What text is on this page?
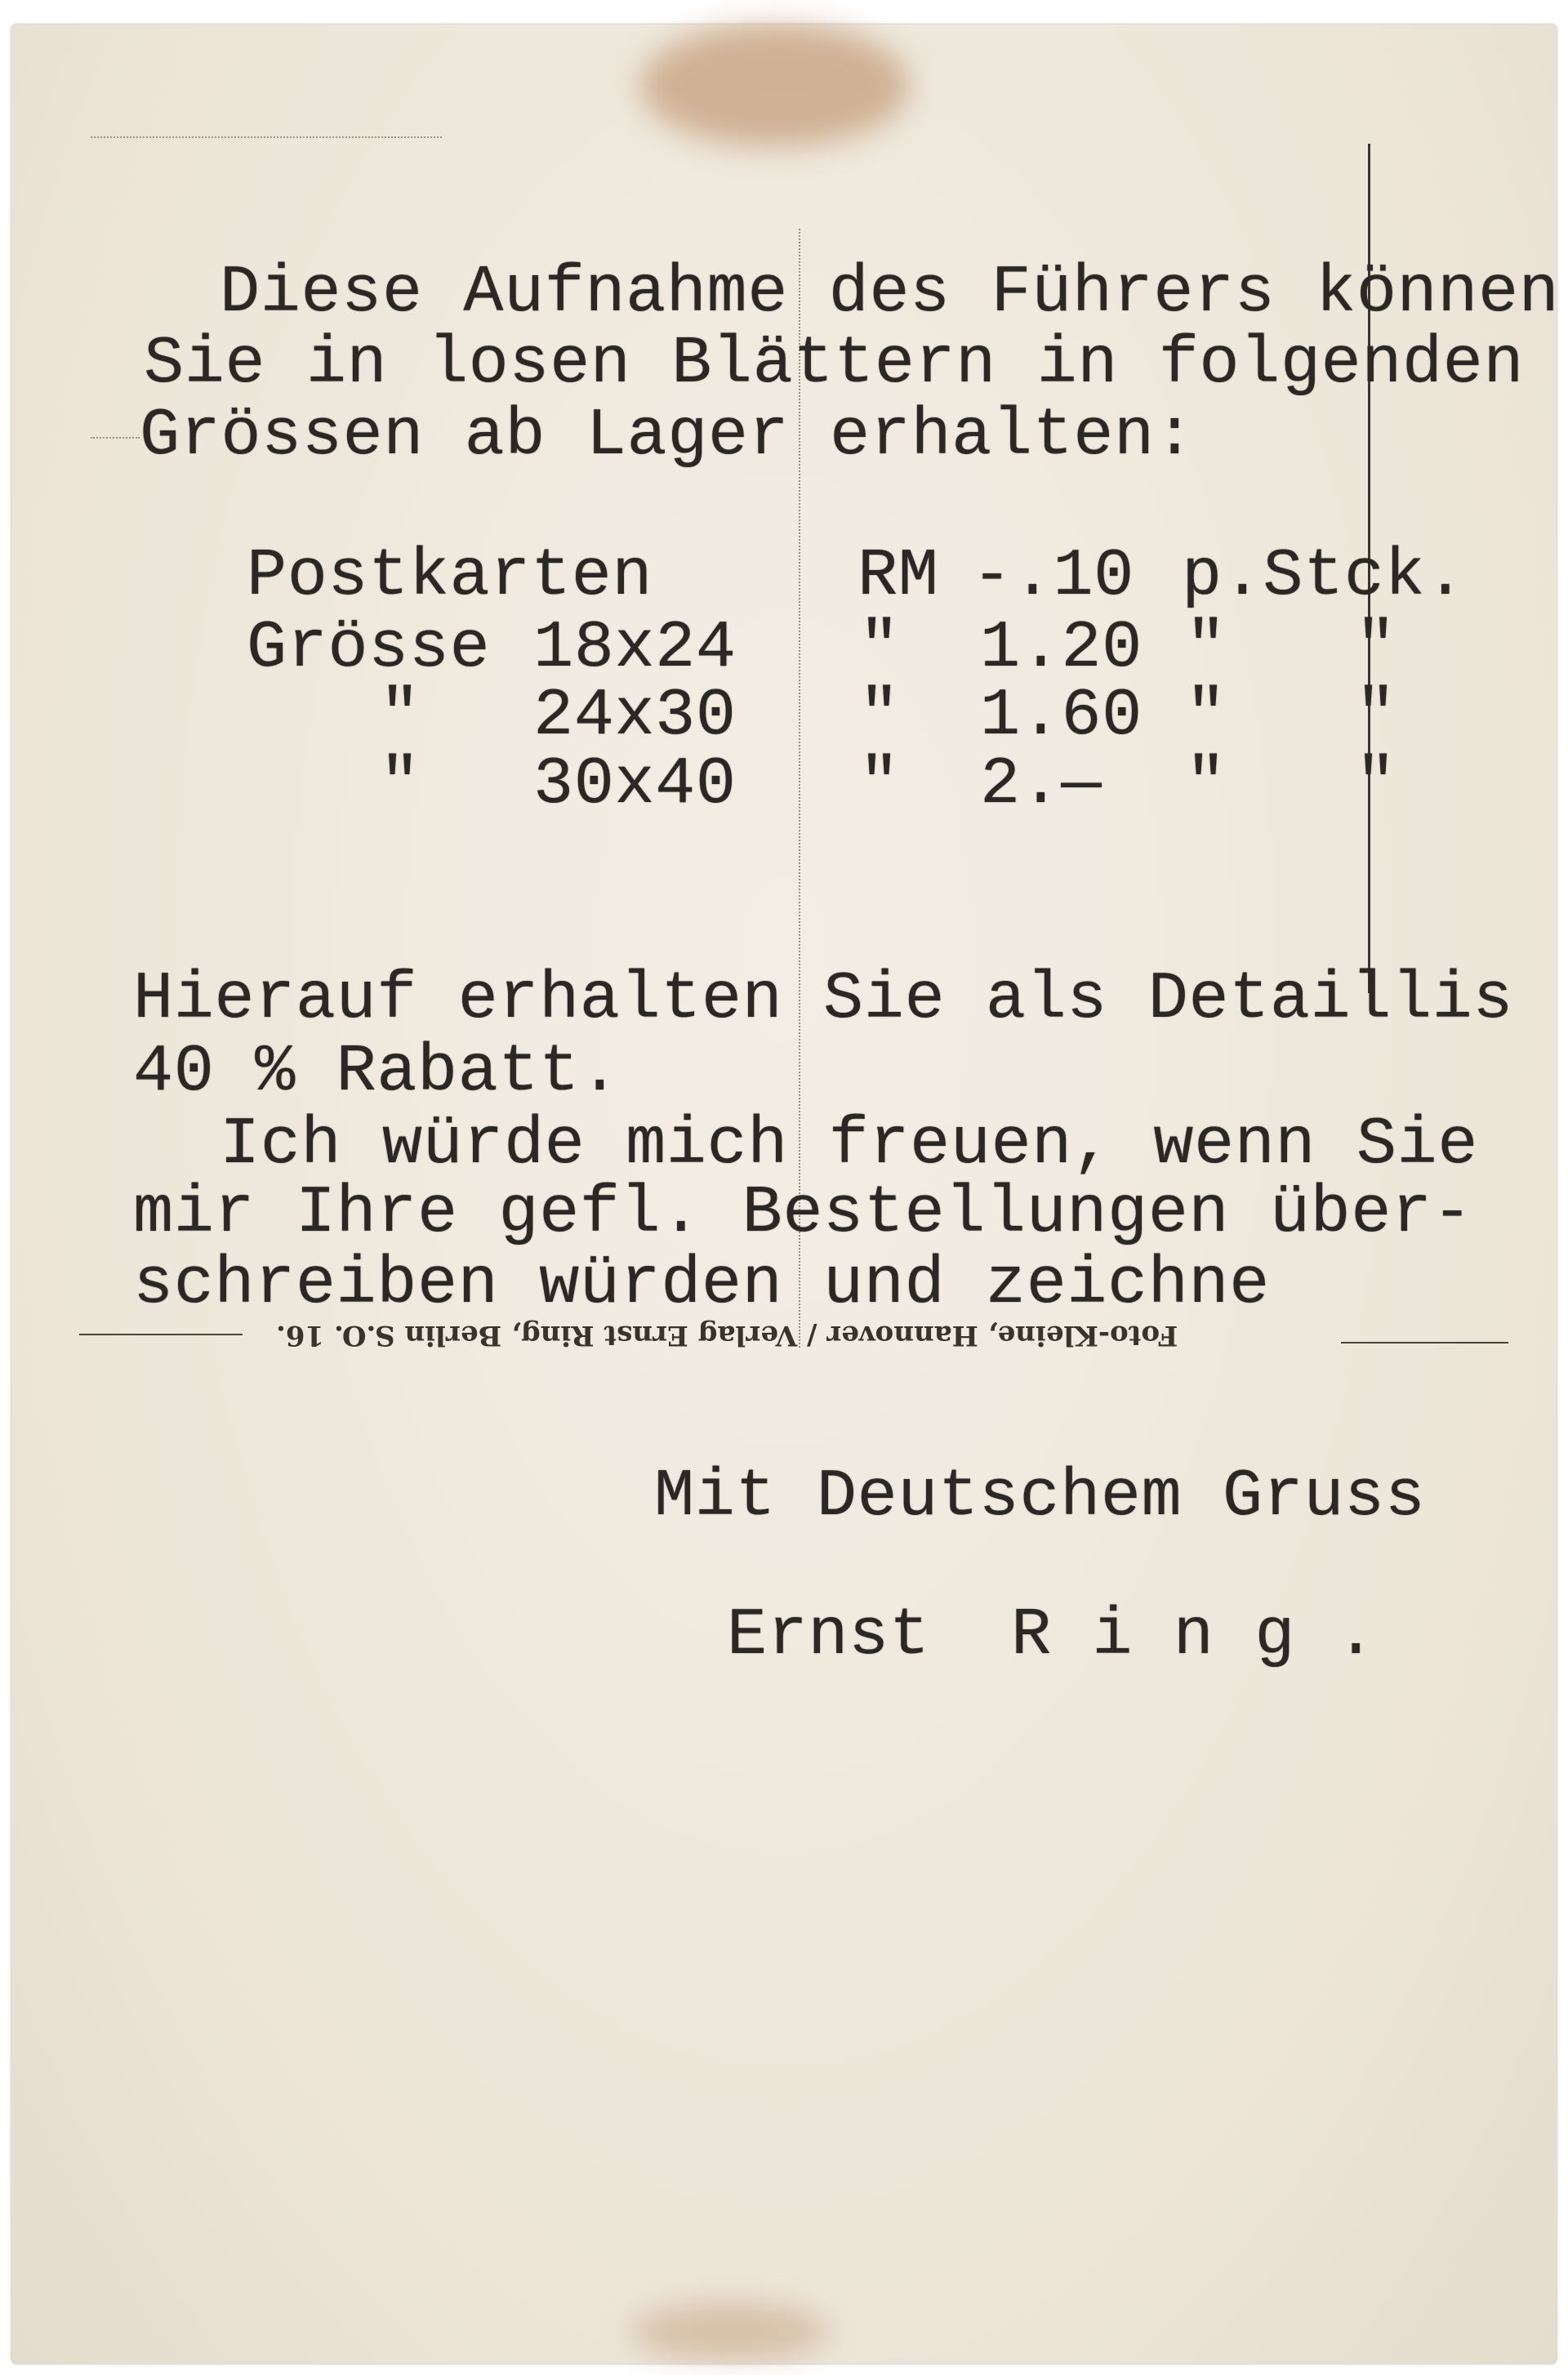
Diese Aufnahme des Führers können
Sie in losen Blättern in folgenden
Grössen ab Lager erhalten:
Postkarten	RM -.10 p.Stck.
Grösse 18x24 " 1.20 " "
" 24x30 " 1.60 " "
" 30x40 " 2.— " "
Hierauf erhalten Sie als Detaillis
40 % Rabatt.
Ich würde mich freuen, wenn Sie
mir Ihre gefl. Bestellungen über-
schreiben würden und zeichne
Foto-Kleine, Hannover / Verlag Ernst Ring, Berlin S.O. 16.
Mit Deutschem Gruss
Ernst  R i n g .
